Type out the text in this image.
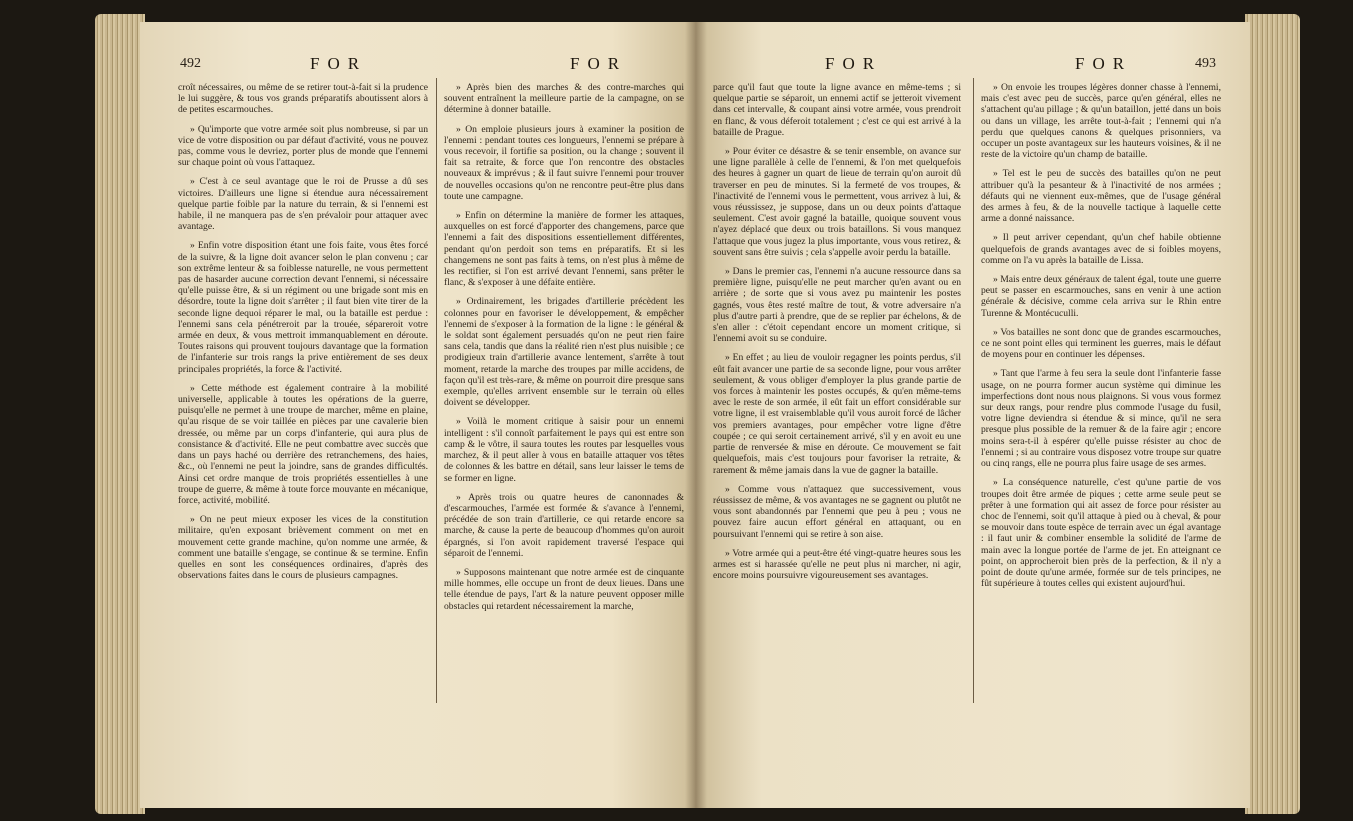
492	FOR	FOR

croît nécessaires, ou même de se retirer tout-à-fait si la prudence le lui suggère, & tous vos grands préparatifs aboutissent alors à de petites escarmouches.

» Qu'importe que votre armée soit plus nombreuse, si par un vice de votre disposition ou par défaut d'activité, vous ne pouvez pas, comme vous le devriez, porter plus de monde que l'ennemi sur chaque point où vous l'attaquez.

» C'est à ce seul avantage que le roi de Prusse a dû ses victoires. D'ailleurs une ligne si étendue aura nécessairement quelque partie foible par la nature du terrain, & si l'ennemi est habile, il ne manquera pas de s'en prévaloir pour attaquer avec avantage.

» Enfin votre disposition étant une fois faite, vous êtes forcé de la suivre, & la ligne doit avancer selon le plan convenu ; car son extrême lenteur & sa foiblesse naturelle, ne vous permettent pas de hasarder aucune correction devant l'ennemi, si nécessaire qu'elle puisse être, & si un régiment ou une brigade sont mis en désordre, toute la ligne doit s'arrêter ; il faut bien vite tirer de la seconde ligne dequoi réparer le mal, ou la bataille est perdue : l'ennemi sans cela pénétreroit par la trouée, sépareroit votre armée en deux, & vous mettroit immanquablement en déroute. Toutes raisons qui prouvent toujours davantage que la formation de l'infanterie sur trois rangs la prive entièrement de ses deux principales propriétés, la force & l'activité.

» Cette méthode est également contraire à la mobilité universelle, applicable à toutes les opérations de la guerre, puisqu'elle ne permet à une troupe de marcher, même en plaine, qu'au risque de se voir taillée en pièces par une cavalerie bien dressée, ou même par un corps d'infanterie, qui aura plus de consistance & d'activité. Elle ne peut combattre avec succès que dans un pays haché ou derrière des retranchemens, des haies, &c., où l'ennemi ne peut la joindre, sans de grandes difficultés. Ainsi cet ordre manque de trois propriétés essentielles à une troupe de guerre, & même à toute force mouvante en mécanique, force, activité, mobilité.

» On ne peut mieux exposer les vices de la constitution militaire, qu'en exposant brièvement comment on met en mouvement cette grande machine, qu'on nomme une armée, & comment une bataille s'engage, se continue & se termine. Enfin quelles en sont les conséquences ordinaires, d'après des observations faites dans le cours de plusieurs campagnes.

» Après bien des marches & des contre-marches qui souvent entraînent la meilleure partie de la campagne, on se détermine à donner bataille.

» On emploie plusieurs jours à examiner la position de l'ennemi : pendant toutes ces longueurs, l'ennemi se prépare à vous recevoir, il fortifie sa position, ou la change ; souvent il fait sa retraite, & force que l'on rencontre des obstacles nouveaux & imprévus ; & il faut suivre l'ennemi pour trouver de nouvelles occasions qu'on ne rencontre peut-être plus dans toute une campagne.

» Enfin on détermine la manière de former les attaques, auxquelles on est forcé d'apporter des changemens, parce que l'ennemi a fait des dispositions essentiellement différentes, pendant qu'on perdoit son tems en préparatifs. Et si les changemens ne sont pas faits à tems, on n'est plus à même de les rectifier, si l'on est arrivé devant l'ennemi, sans prêter le flanc, & s'exposer à une défaite entière.

» Ordinairement, les brigades d'artillerie précèdent les colonnes pour en favoriser le développement, & empêcher l'ennemi de s'exposer à la formation de la ligne : le général & le soldat sont également persuadés qu'on ne peut rien faire sans cela, tandis que dans la réalité rien n'est plus nuisible ; ce prodigieux train d'artillerie avance lentement, s'arrête à tout moment, retarde la marche des troupes par mille accidens, de façon qu'il est très-rare, & même on pourroit dire presque sans exemple, qu'elles arrivent ensemble sur le terrain où elles doivent se développer.

» Voilà le moment critique à saisir pour un ennemi intelligent : s'il connoît parfaitement le pays qui est entre son camp & le vôtre, il saura toutes les routes par lesquelles vous marchez, & il peut aller à vous en bataille attaquer vos têtes de colonnes & les battre en détail, sans leur laisser le tems de se former en ligne.

» Après trois ou quatre heures de canonnades & d'escarmouches, l'armée est formée & s'avance à l'ennemi, précédée de son train d'artillerie, ce qui retarde encore sa marche, & cause la perte de beaucoup d'hommes qu'on auroit épargnés, si l'on avoit rapidement traversé l'espace qui séparoit de l'ennemi.

» Supposons maintenant que notre armée est de cinquante mille hommes, elle occupe un front de deux lieues. Dans une telle étendue de pays, l'art & la nature peuvent opposer mille obstacles qui retardent nécessairement la marche,

FOR	FOR	493

parce qu'il faut que toute la ligne avance en même-tems ; si quelque partie se séparoit, un ennemi actif se jetteroit vivement dans cet intervalle, & coupant ainsi votre armée, vous prendroit en flanc, & vous déferoit totalement ; c'est ce qui est arrivé à la bataille de Prague.

» Pour éviter ce désastre & se tenir ensemble, on avance sur une ligne parallèle à celle de l'ennemi, & l'on met quelquefois des heures à gagner un quart de lieue de terrain qu'on auroit dû traverser en peu de minutes. Si la fermeté de vos troupes, & l'inactivité de l'ennemi vous le permettent, vous arrivez à lui, & vous réussissez, je suppose, dans un ou deux points d'attaque seulement. C'est avoir gagné la bataille, quoique souvent vous n'ayez déplacé que deux ou trois bataillons. Si vous manquez l'attaque que vous jugez la plus importante, vous vous retirez, & souvent sans être suivis ; cela s'appelle avoir perdu la bataille.

» Dans le premier cas, l'ennemi n'a aucune ressource dans sa première ligne, puisqu'elle ne peut marcher qu'en avant ou en arrière ; de sorte que si vous avez pu maintenir les postes gagnés, vous êtes resté maître de tout, & votre adversaire n'a plus d'autre parti à prendre, que de se replier par échelons, & de s'en aller : c'étoit cependant encore un moment critique, si l'ennemi avoit su se conduire.

» En effet ; au lieu de vouloir regagner les points perdus, s'il eût fait avancer une partie de sa seconde ligne, pour vous arrêter seulement, & vous obliger d'employer la plus grande partie de vos forces à maintenir les postes occupés, & qu'en même-tems avec le reste de son armée, il eût fait un effort considérable sur votre ligne, il est vraisemblable qu'il vous auroit forcé de lâcher vos premiers avantages, pour empêcher votre ligne d'être coupée ; ce qui seroit certainement arrivé, s'il y en avoit eu une partie de renversée & mise en déroute. Ce mouvement se fait quelquefois, mais c'est toujours pour favoriser la retraite, & rarement & même jamais dans la vue de gagner la bataille.

» Comme vous n'attaquez que successivement, vous réussissez de même, & vos avantages ne se gagnent ou plutôt ne vous sont abandonnés par l'ennemi que peu à peu ; vous ne pouvez faire aucun effort général en attaquant, ou en poursuivant l'ennemi qui se retire à son aise.

» Votre armée qui a peut-être été vingt-quatre heures sous les armes est si harassée qu'elle ne peut plus ni marcher, ni agir, encore moins poursuivre vigoureusement ses avantages.

» On envoie les troupes légères donner chasse à l'ennemi, mais c'est avec peu de succès, parce qu'en général, elles ne s'attachent qu'au pillage ; & qu'un bataillon, jetté dans un bois ou dans un village, les arrête tout-à-fait ; l'ennemi qui n'a perdu que quelques canons & quelques prisonniers, va occuper un poste avantageux sur les hauteurs voisines, & il ne reste de la victoire qu'un champ de bataille.

» Tel est le peu de succès des batailles qu'on ne peut attribuer qu'à la pesanteur & à l'inactivité de nos armées ; défauts qui ne viennent eux-mêmes, que de l'usage général des armes à feu, & de la nouvelle tactique à laquelle cette arme a donné naissance.

» Il peut arriver cependant, qu'un chef habile obtienne quelquefois de grands avantages avec de si foibles moyens, comme on l'a vu après la bataille de Lissa.

» Mais entre deux généraux de talent égal, toute une guerre peut se passer en escarmouches, sans en venir à une action générale & décisive, comme cela arriva sur le Rhin entre Turenne & Montécuculli.

» Vos batailles ne sont donc que de grandes escarmouches, ce ne sont point elles qui terminent les guerres, mais le défaut de moyens pour en continuer les dépenses.

» Tant que l'arme à feu sera la seule dont l'infanterie fasse usage, on ne pourra former aucun système qui diminue les imperfections dont nous nous plaignons. Si vous vous formez sur deux rangs, pour rendre plus commode l'usage du fusil, votre ligne deviendra si étendue & si mince, qu'il ne sera presque plus possible de la remuer & de la faire agir ; encore moins sera-t-il à espérer qu'elle puisse résister au choc de l'ennemi ; si au contraire vous disposez votre troupe sur quatre ou cinq rangs, elle ne pourra plus faire usage de ses armes.

» La conséquence naturelle, c'est qu'une partie de vos troupes doit être armée de piques ; cette arme seule peut se prêter à une formation qui ait assez de force pour résister au choc de l'ennemi, soit qu'il attaque à pied ou à cheval, & pour se mouvoir dans toute espèce de terrain avec un égal avantage : il faut unir & combiner ensemble la solidité de l'arme de main avec la longue portée de l'arme de jet. En atteignant ce point, on approcheroit bien près de la perfection, & il n'y a point de doute qu'une armée, formée sur de tels principes, ne fût supérieure à toutes celles qui existent aujourd'hui.
